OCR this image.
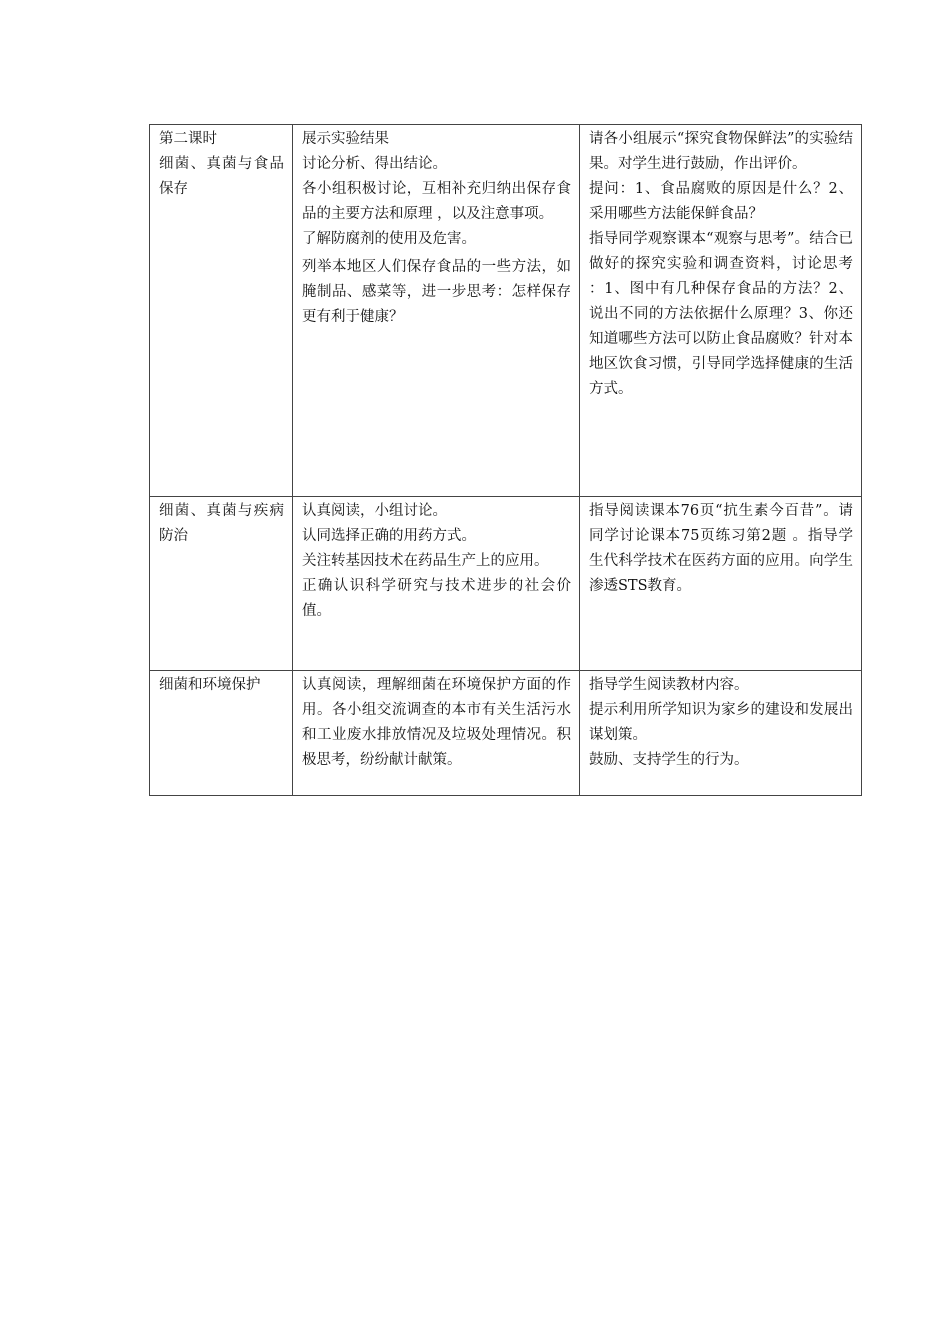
第二课时
细菌、真菌与食品保存	展示实验结果
讨论分析、得出结论。
各小组积极讨论，互相补充归纳出保存食品的主要方法和原理 ，以及注意事项。
了解防腐剂的使用及危害。
列举本地区人们保存食品的一些方法，如腌制品、感菜等，进一步思考：怎样保存更有利于健康？	请各小组展示“探究食物保鲜法”的实验结果。对学生进行鼓励，作出评价。
提问：1、食品腐败的原因是什么？2、采用哪些方法能保鲜食品？
指导同学观察课本“观察与思考”。结合已做好的探究实验和调查资料，讨论思考 ：1、图中有几种保存食品的方法？2、说出不同的方法依据什么原理？3、你还知道哪些方法可以防止食品腐败？针对本地区饮食习惯，引导同学选择健康的生活方式。

细菌、真菌与疾病防治	认真阅读，小组讨论。
认同选择正确的用药方式。
关注转基因技术在药品生产上的应用。
正确认识科学研究与技术进步的社会价值。	指导阅读课本76页“抗生素今百昔”。请同学讨论课本75页练习第2题 。指导学生代科学技术在医药方面的应用。向学生渗透STS教育。

细菌和环境保护	认真阅读，理解细菌在环境保护方面的作用。各小组交流调查的本市有关生活污水和工业废水排放情况及垃圾处理情况。积极思考，纷纷献计献策。	指导学生阅读教材内容。
提示利用所学知识为家乡的建设和发展出谋划策。
鼓励、支持学生的行为。
